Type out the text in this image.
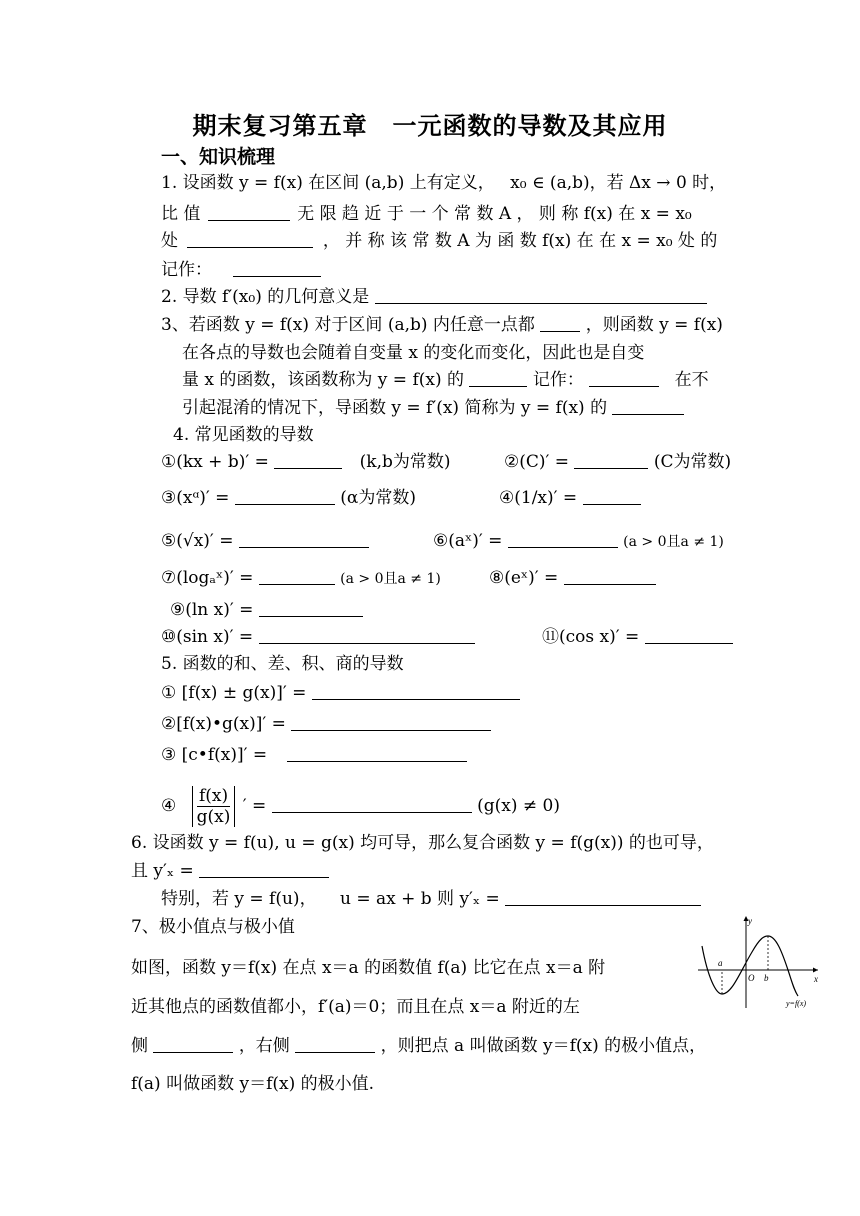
期末复习第五章　一元函数的导数及其应用
一、知识梳理
1. 设函数 y = f(x) 在区间 (a,b) 上有定义， x₀ ∈ (a,b)，若 Δx → 0 时，
比 值	无 限 趋 近 于 一 个 常 数 A ， 则 称 f(x) 在 x = x₀
处	， 并 称 该 常 数 A 为 函 数 f(x) 在 在 x = x₀ 处 的
记作：
2. 导数 f′(x₀) 的几何意义是
3、若函数 y = f(x) 对于区间 (a,b) 内任意一点都	，则函数 y = f(x)
在各点的导数也会随着自变量 x 的变化而变化，因此也是自变
量 x 的函数，该函数称为 y = f(x) 的	记作：	在不
引起混淆的情况下，导函数 y = f′(x) 简称为 y = f(x) 的
4. 常见函数的导数
①(kx + b)′ =	(k,b为常数)	②(C)′ =	(C为常数)
③(xᵅ)′ =	(α为常数)	④(1/x)′ =
⑤(√x)′ =	⑥(aˣ)′ =	(a > 0且a ≠ 1)
⑦(logₐˣ)′ =	(a > 0且a ≠ 1)	⑧(eˣ)′ =
⑨(ln x)′ =
⑩(sin x)′ =	⑪(cos x)′ =
5. 函数的和、差、积、商的导数
① [f(x) ± g(x)]′ =
②[f(x)•g(x)]′ =
③ [c•f(x)]′ =
④ $\frac{f(x)}{g(x)}$ ′ =	(g(x) ≠ 0)
6. 设函数 y = f(u), u = g(x) 均可导，那么复合函数 y = f(g(x)) 的也可导，
且 y′ₓ =
特别，若 y = f(u)， u = ax + b 则 y′ₓ =
7、极小值点与极小值
如图，函数 y＝f(x) 在点 x＝a 的函数值 f(a) 比它在点 x＝a 附
近其他点的函数值都小，f′(a)＝0；而且在点 x＝a 附近的左
侧	，右侧	，则把点 a 叫做函数 y＝f(x) 的极小值点，
f(a) 叫做函数 y＝f(x) 的极小值.
y
x
a
O b
y=f(x)
